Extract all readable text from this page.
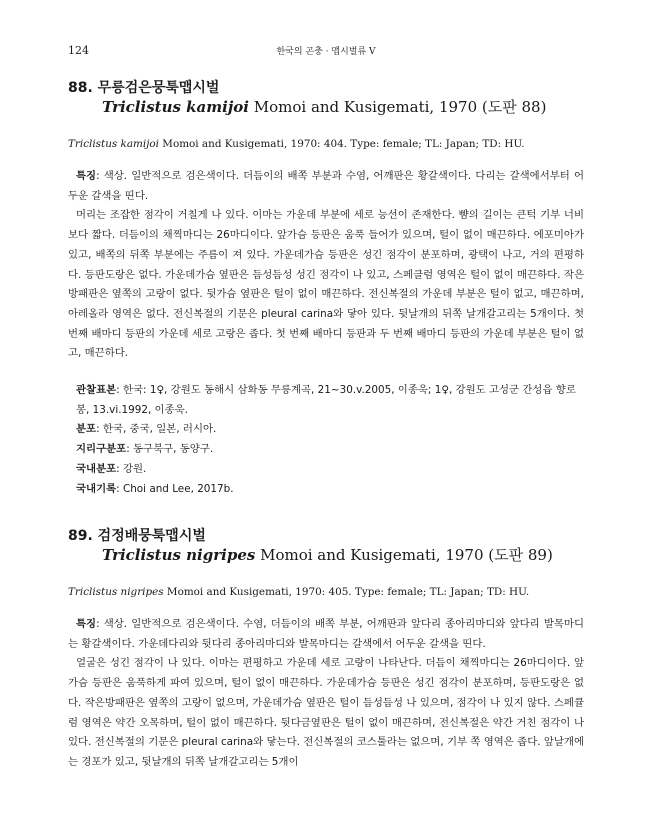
124	한국의 곤충 · 맵시벌류 V
88. 무릉검은뭉툭맵시벌
Triclistus kamijoi Momoi and Kusigemati, 1970 (도판 88)
Triclistus kamijoi Momoi and Kusigemati, 1970: 404. Type: female; TL: Japan; TD: HU.

특징: 색상. 일반적으로 검은색이다. 더듬이의 배쪽 부분과 수염, 어깨판은 황갈색이다. 다리는 갈색에서부터 어두운 갈색을 띤다.

머리는 조잡한 점각이 거칠게 나 있다. 이마는 가운데 부분에 세로 능선이 존재한다. 뺨의 길이는 큰턱 기부 너비보다 짧다. 더듬이의 채찍마디는 26마디이다. 앞가슴 등판은 움푹 들어가 있으며, 털이 없이 매끈하다. 에포미아가 있고, 배쪽의 뒤쪽 부분에는 주름이 져 있다. 가운데가슴 등판은 성긴 점각이 분포하며, 광택이 나고, 거의 편평하다. 등판도랑은 없다. 가운데가슴 옆판은 듬성듬성 성긴 점각이 나 있고, 스페클럼 영역은 털이 없이 매끈하다. 작은방패판은 옆쪽의 고랑이 없다. 뒷가슴 옆판은 털이 없이 매끈하다. 전신복절의 가운데 부분은 털이 없고, 매끈하며, 아레올라 영역은 없다. 전신복절의 기문은 pleural carina와 닿아 있다. 뒷날개의 뒤쪽 날개갈고리는 5개이다. 첫 번째 배마디 등판의 가운데 세로 고랑은 좁다. 첫 번째 배마디 등판과 두 번째 배마디 등판의 가운데 부분은 털이 없고, 매끈하다.

관찰표본: 한국: 1♀, 강원도 동해시 삼화동 무릉계곡, 21~30.v.2005, 이종욱; 1♀, 강원도 고성군 간성읍 향로봉, 13.vi.1992, 이종욱.
분포: 한국, 중국, 일본, 러시아.
지리구분포: 동구북구, 동양구.
국내분포: 강원.
국내기록: Choi and Lee, 2017b.
89. 검정배뭉툭맵시벌
Triclistus nigripes Momoi and Kusigemati, 1970 (도판 89)
Triclistus nigripes Momoi and Kusigemati, 1970: 405. Type: female; TL: Japan; TD: HU.

특징: 색상. 일반적으로 검은색이다. 수염, 더듬이의 배쪽 부분, 어깨판과 앞다리 종아리마디와 앞다리 발목마디는 황갈색이다. 가운데다리와 뒷다리 종아리마디와 발목마디는 갈색에서 어두운 갈색을 띤다.

얼굴은 성긴 점각이 나 있다. 이마는 편평하고 가운데 세로 고랑이 나타난다. 더듬이 채찍마디는 26마디이다. 앞가슴 등판은 움푹하게 파여 있으며, 털이 없이 매끈하다. 가운데가슴 등판은 성긴 점각이 분포하며, 등판도랑은 없다. 작은방패판은 옆쪽의 고랑이 없으며, 가운데가슴 옆판은 털이 듬성듬성 나 있으며, 점각이 나 있지 않다. 스페큘럼 영역은 약간 오목하며, 털이 없이 매끈하다. 뒷다금옆판은 털이 없이 매끈하며, 전신복절은 약간 거친 점각이 나 있다. 전신복절의 기문은 pleural carina와 닿는다. 전신복절의 코스툴라는 없으며, 기부 쪽 영역은 좁다. 앞날개에는 경포가 있고, 뒷날개의 뒤쪽 날개갈고리는 5개이
